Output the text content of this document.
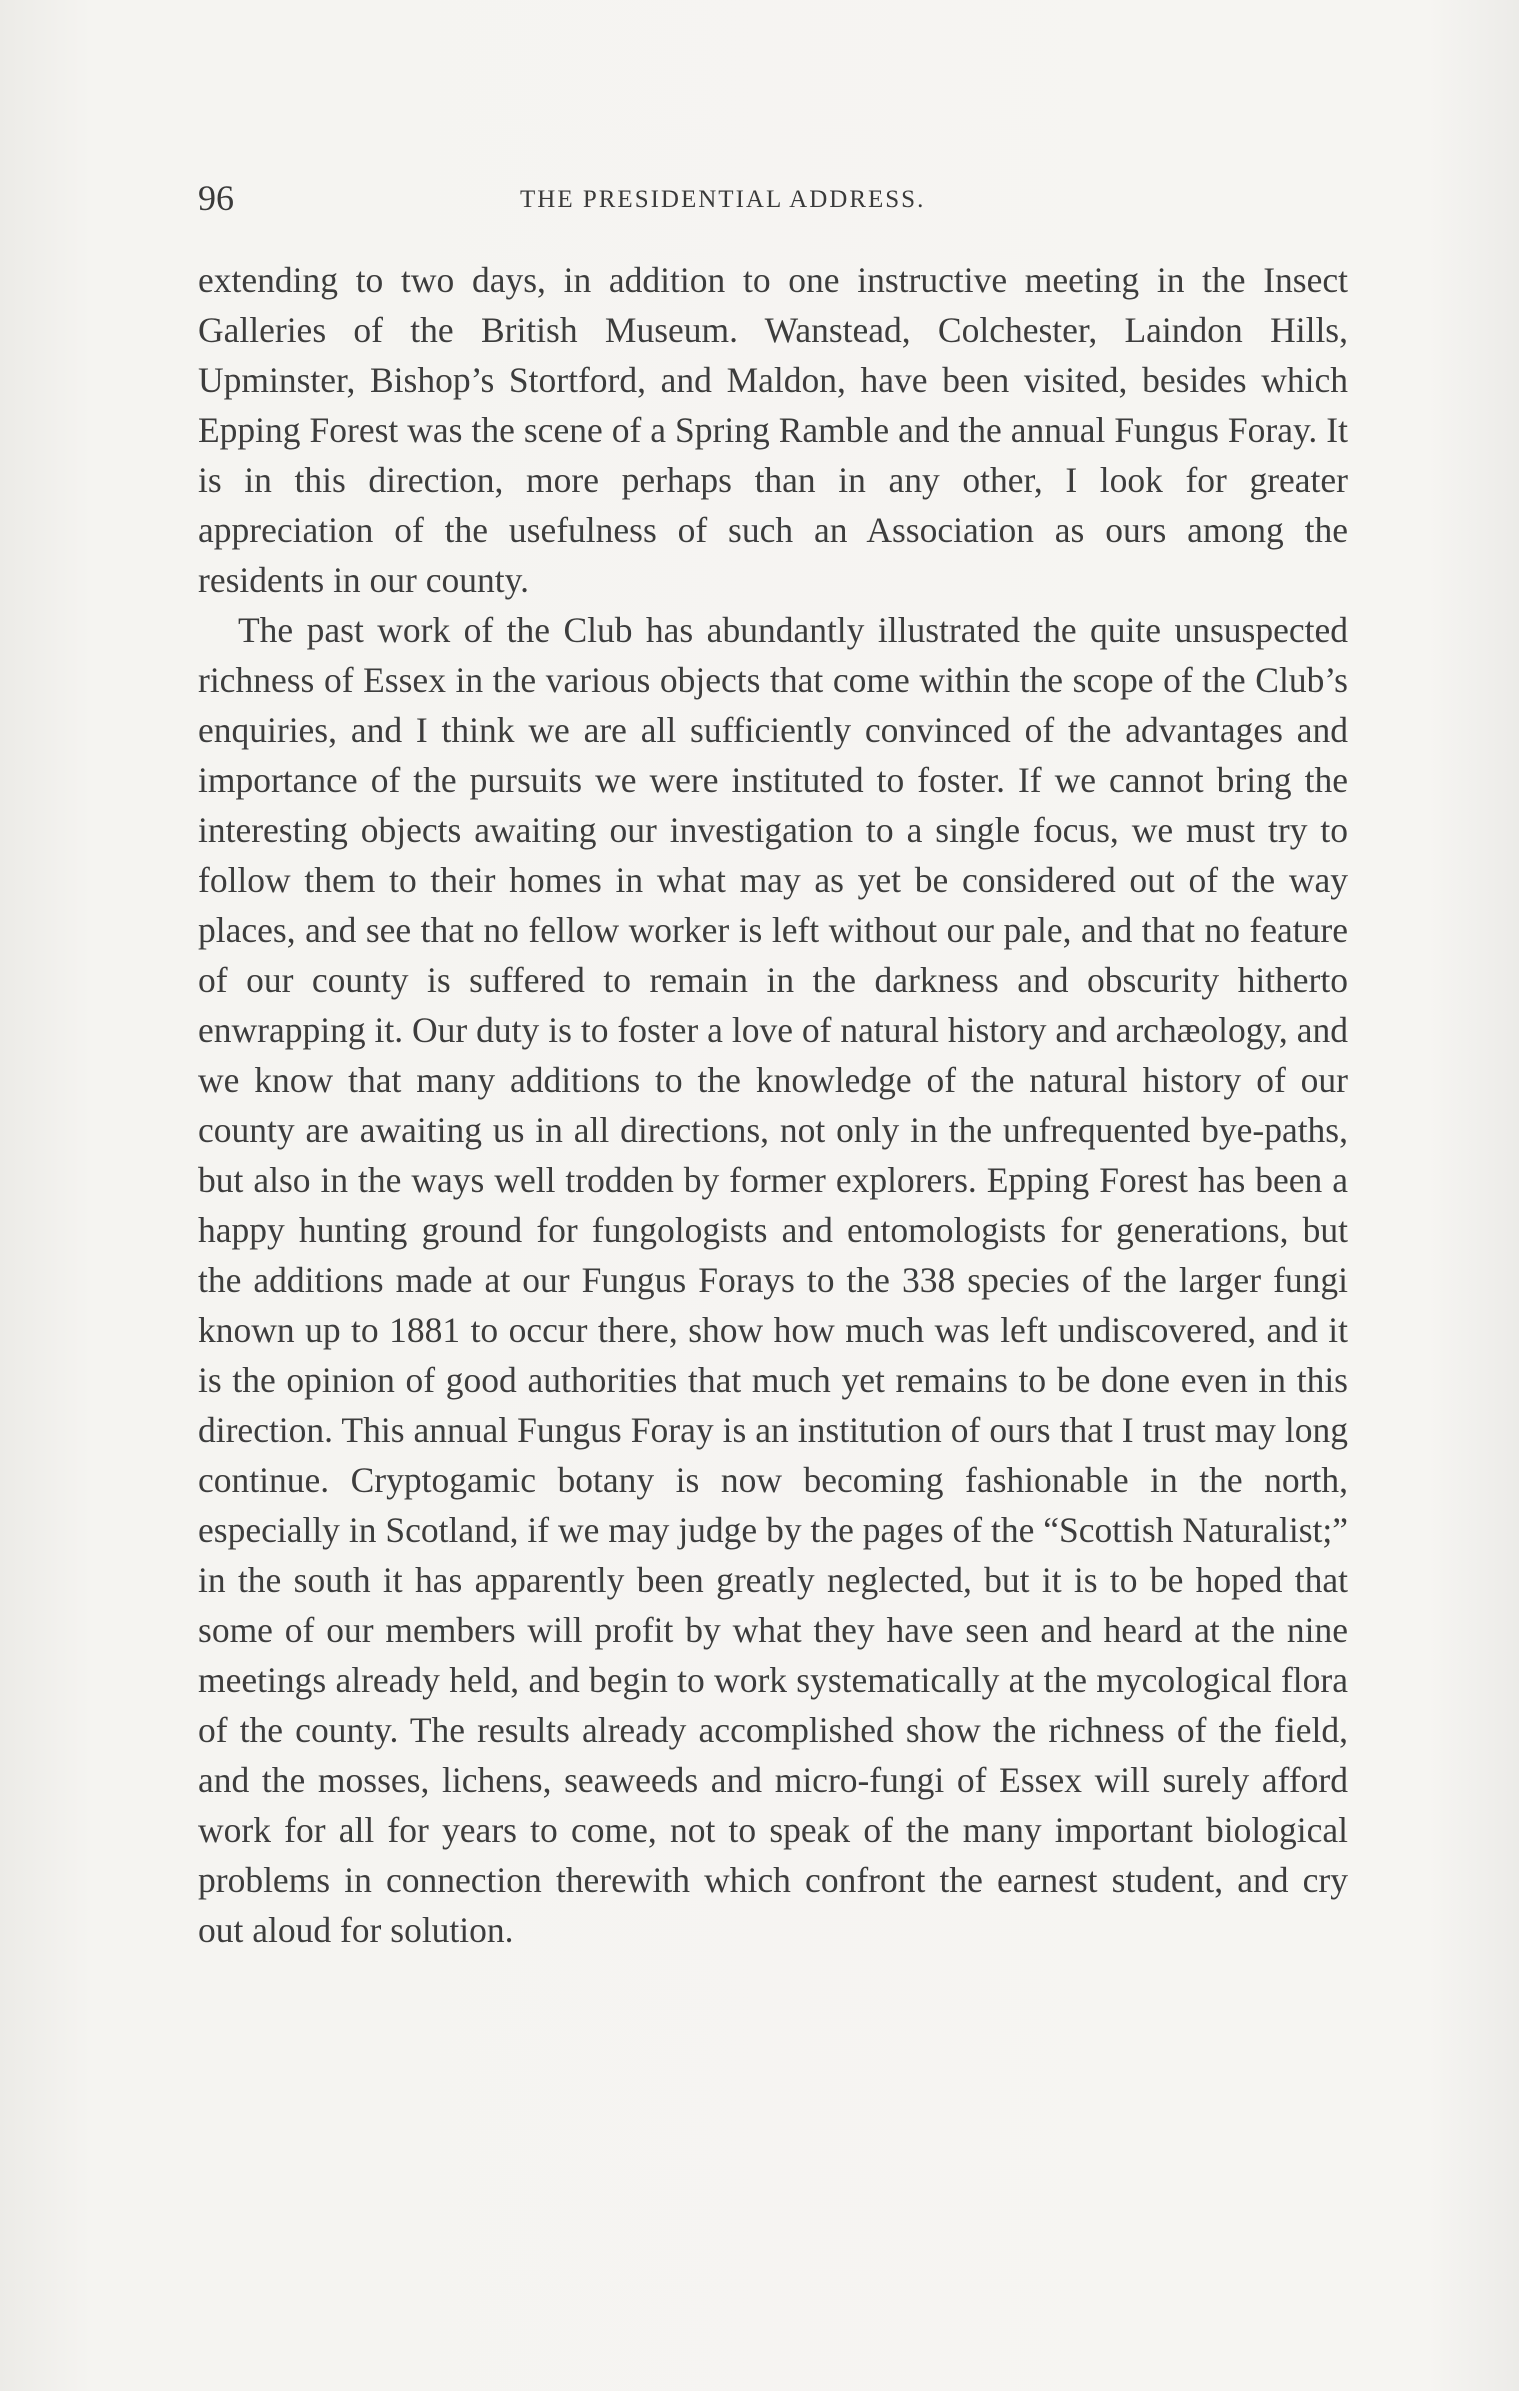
96	THE PRESIDENTIAL ADDRESS.

extending to two days, in addition to one instructive meeting in the Insect Galleries of the British Museum. Wanstead, Colchester, Laindon Hills, Upminster, Bishop’s Stortford, and Maldon, have been visited, besides which Epping Forest was the scene of a Spring Ramble and the annual Fungus Foray. It is in this direction, more perhaps than in any other, I look for greater appreciation of the usefulness of such an Association as ours among the residents in our county.

The past work of the Club has abundantly illustrated the quite unsuspected richness of Essex in the various objects that come within the scope of the Club’s enquiries, and I think we are all sufficiently convinced of the advantages and importance of the pursuits we were instituted to foster. If we cannot bring the interesting objects awaiting our investigation to a single focus, we must try to follow them to their homes in what may as yet be considered out of the way places, and see that no fellow worker is left without our pale, and that no feature of our county is suffered to remain in the darkness and obscurity hitherto enwrapping it. Our duty is to foster a love of natural history and archæology, and we know that many additions to the knowledge of the natural history of our county are awaiting us in all directions, not only in the unfrequented bye-paths, but also in the ways well trodden by former explorers. Epping Forest has been a happy hunting ground for fungologists and entomologists for generations, but the additions made at our Fungus Forays to the 338 species of the larger fungi known up to 1881 to occur there, show how much was left undiscovered, and it is the opinion of good authorities that much yet remains to be done even in this direction. This annual Fungus Foray is an institution of ours that I trust may long continue. Cryptogamic botany is now becoming fashionable in the north, especially in Scotland, if we may judge by the pages of the “Scottish Naturalist;” in the south it has apparently been greatly neglected, but it is to be hoped that some of our members will profit by what they have seen and heard at the nine meetings already held, and begin to work systematically at the mycological flora of the county. The results already accomplished show the richness of the field, and the mosses, lichens, seaweeds and micro-fungi of Essex will surely afford work for all for years to come, not to speak of the many important biological problems in connection therewith which confront the earnest student, and cry out aloud for solution.
